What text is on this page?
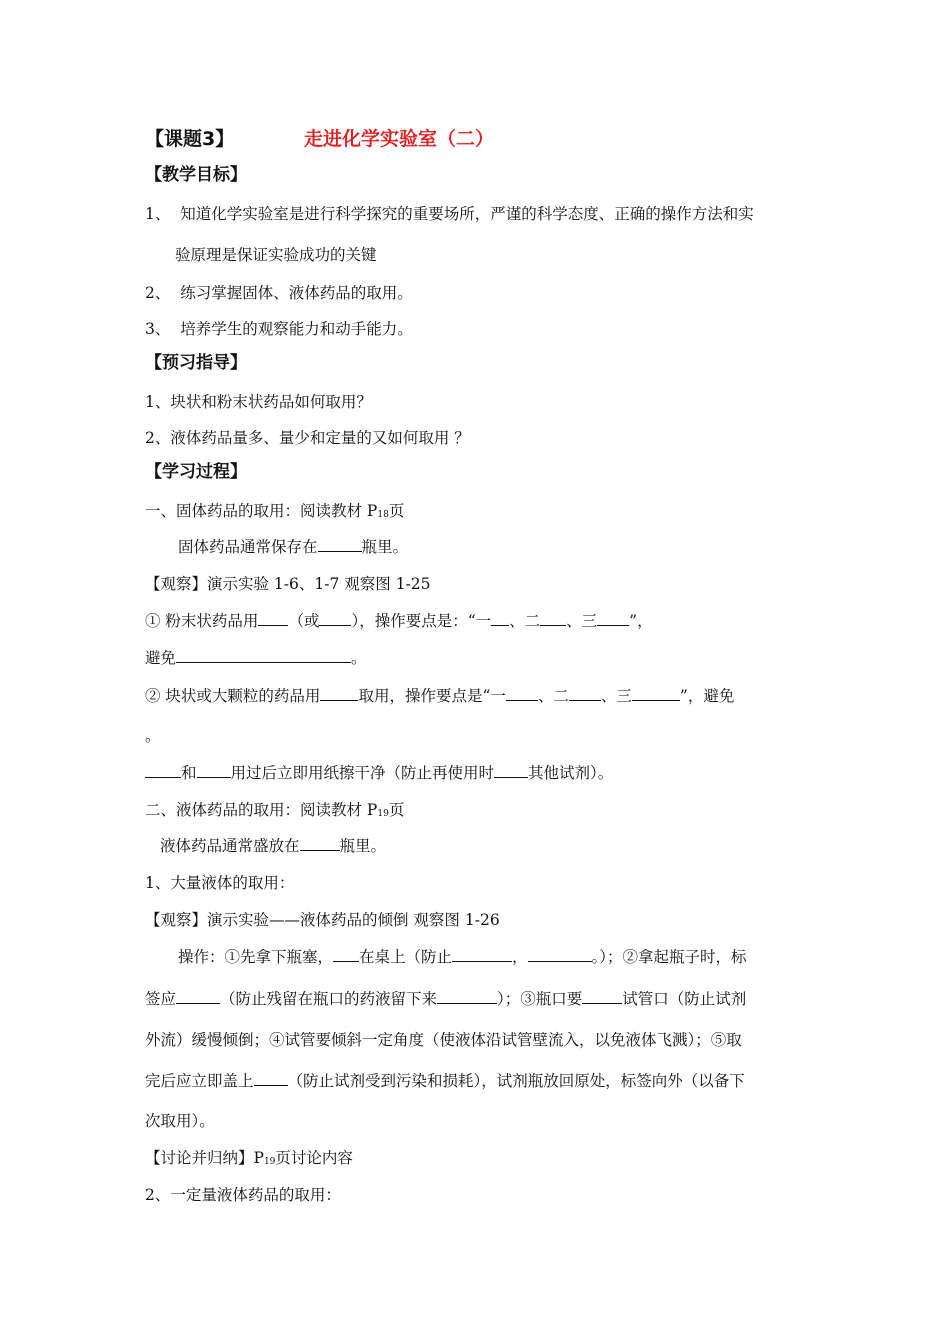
【课题3】	走进化学实验室（二）
【教学目标】
1、 知道化学实验室是进行科学探究的重要场所，严谨的科学态度、正确的操作方法和实
验原理是保证实验成功的关键
2、 练习掌握固体、液体药品的取用。
3、 培养学生的观察能力和动手能力。
【预习指导】
1、块状和粉末状药品如何取用？
2、液体药品量多、量少和定量的又如何取用 ？
【学习过程】
一、固体药品的取用：阅读教材 P18页
固体药品通常保存在	瓶里。
【观察】演示实验 1-6、1-7 观察图 1-25
① 粉末状药品用 （或 ），操作要点是：“一 、二 、三 ”，
避免	。
② 块状或大颗粒的药品用 取用，操作要点是“一 、二 、三	”，避免
。
和 用过后立即用纸擦干净（防止再使用时 其他试剂）。
二、液体药品的取用：阅读教材 P19页
液体药品通常盛放在	瓶里。
1、大量液体的取用：
【观察】演示实验——液体药品的倾倒 观察图 1-26
操作：①先拿下瓶塞， 在桌上（防止	，	。）；②拿起瓶子时，标
签应	（防止残留在瓶口的药液留下来	）；③瓶口要	试管口（防止试剂
外流）缓慢倾倒；④试管要倾斜一定角度（使液体沿试管壁流入，以免液体飞溅）；⑤取
完后应立即盖上 （防止试剂受到污染和损耗），试剂瓶放回原处，标签向外（以备下
次取用）。
【讨论并归纳】P19页讨论内容
2、一定量液体药品的取用：
